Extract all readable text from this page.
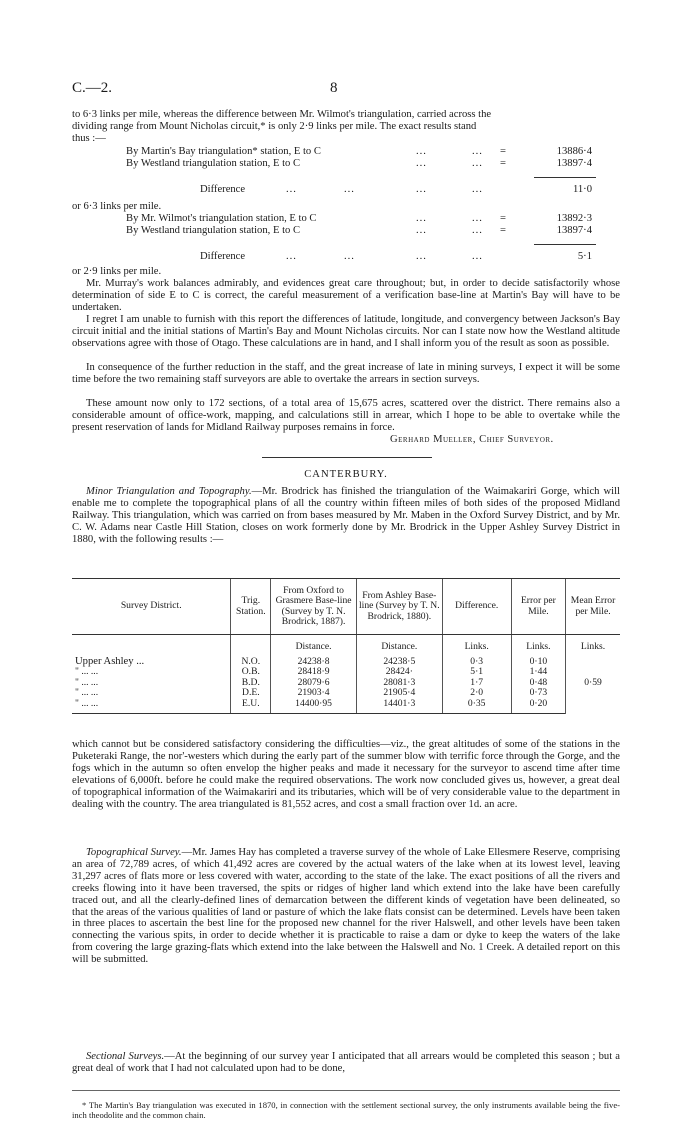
C.—2.	8
to 6·3 links per mile, whereas the difference between Mr. Wilmot's triangulation, carried across the
dividing range from Mount Nicholas circuit,* is only 2·9 links per mile. The exact results stand
thus :—
By Martin's Bay triangulation* station, E to C	...	... =	13886·4
By Westland triangulation station, E to C	...	... =	13897·4
Difference	...	...	...	...	11·0
or 6·3 links per mile.
By Mr. Wilmot's triangulation station, E to C	...	... =	13892·3
By Westland triangulation station, E to C	...	... =	13897·4
Difference	...	...	...	...	5·1
or 2·9 links per mile.

Mr. Murray's work balances admirably, and evidences great care throughout; but, in order to decide satisfactorily whose determination of side E to C is correct, the careful measurement of a verification base-line at Martin's Bay will have to be undertaken.

I regret I am unable to furnish with this report the differences of latitude, longitude, and convergency between Jackson's Bay circuit initial and the initial stations of Martin's Bay and Mount Nicholas circuits. Nor can I state now how the Westland altitude observations agree with those of Otago. These calculations are in hand, and I shall inform you of the result as soon as possible.

In consequence of the further reduction in the staff, and the great increase of late in mining surveys, I expect it will be some time before the two remaining staff surveyors are able to overtake the arrears in section surveys.

These amount now only to 172 sections, of a total area of 15,675 acres, scattered over the district. There remains also a considerable amount of office-work, mapping, and calculations still in arrear, which I hope to be able to overtake while the present reservation of lands for Midland Railway purposes remains in force.

Gerhard Mueller, Chief Surveyor.
CANTERBURY.

Minor Triangulation and Topography.—Mr. Brodrick has finished the triangulation of the Waimakariri Gorge, which will enable me to complete the topographical plans of all the country within fifteen miles of both sides of the proposed Midland Railway. This triangulation, which was carried on from bases measured by Mr. Maben in the Oxford Survey District, and by Mr. C. W. Adams near Castle Hill Station, closes on work formerly done by Mr. Brodrick in the Upper Ashley Survey District in 1880, with the following results :—

Survey District.	Trig. Station.	From Oxford to Grasmere Base-line (Survey by T. N. Brodrick, 1887).	From Ashley Base-line (Survey by T. N. Brodrick, 1880).	Difference.	Error per Mile.	Mean Error per Mile.
		Distance.	Distance.	Links.	Links.	Links.
Upper Ashley ...	N.O.	24238·8	24238·5	0·3	0·10	0·59
" ... ...	O.B.	28418·9	28424·	5·1	1·44	
" ... ...	B.D.	28079·6	28081·3	1·7	0·48	
" ... ...	D.E.	21903·4	21905·4	2·0	0·73	
" ... ...	E.U.	14400·95	14401·3	0·35	0·20	

which cannot but be considered satisfactory considering the difficulties—viz., the great altitudes of some of the stations in the Puketeraki Range, the nor'-westers which during the early part of the summer blow with terrific force through the Gorge, and the fogs which in the autumn so often envelop the higher peaks and made it necessary for the surveyor to ascend time after time elevations of 6,000ft. before he could make the required observations. The work now concluded gives us, however, a great deal of topographical information of the Waimakariri and its tributaries, which will be of very considerable value to the department in dealing with the country. The area triangulated is 81,552 acres, and cost a small fraction over 1d. an acre.

Topographical Survey.—Mr. James Hay has completed a traverse survey of the whole of Lake Ellesmere Reserve, comprising an area of 72,789 acres, of which 41,492 acres are covered by the actual waters of the lake when at its lowest level, leaving 31,297 acres of flats more or less covered with water, according to the state of the lake. The exact positions of all the rivers and creeks flowing into it have been traversed, the spits or ridges of higher land which extend into the lake have been carefully traced out, and all the clearly-defined lines of demarcation between the different kinds of vegetation have been delineated, so that the areas of the various qualities of land or pasture of which the lake flats consist can be determined. Levels have been taken in three places to ascertain the best line for the proposed new channel for the river Halswell, and other levels have been taken connecting the various spits, in order to decide whether it is practicable to raise a dam or dyke to keep the waters of the lake from covering the large grazing-flats which extend into the lake between the Halswell and No. 1 Creek. A detailed report on this will be submitted.

Sectional Surveys.—At the beginning of our survey year I anticipated that all arrears would be completed this season ; but a great deal of work that I had not calculated upon had to be done,

* The Martin's Bay triangulation was executed in 1870, in connection with the settlement sectional survey, the only instruments available being the five-inch theodolite and the common chain.
